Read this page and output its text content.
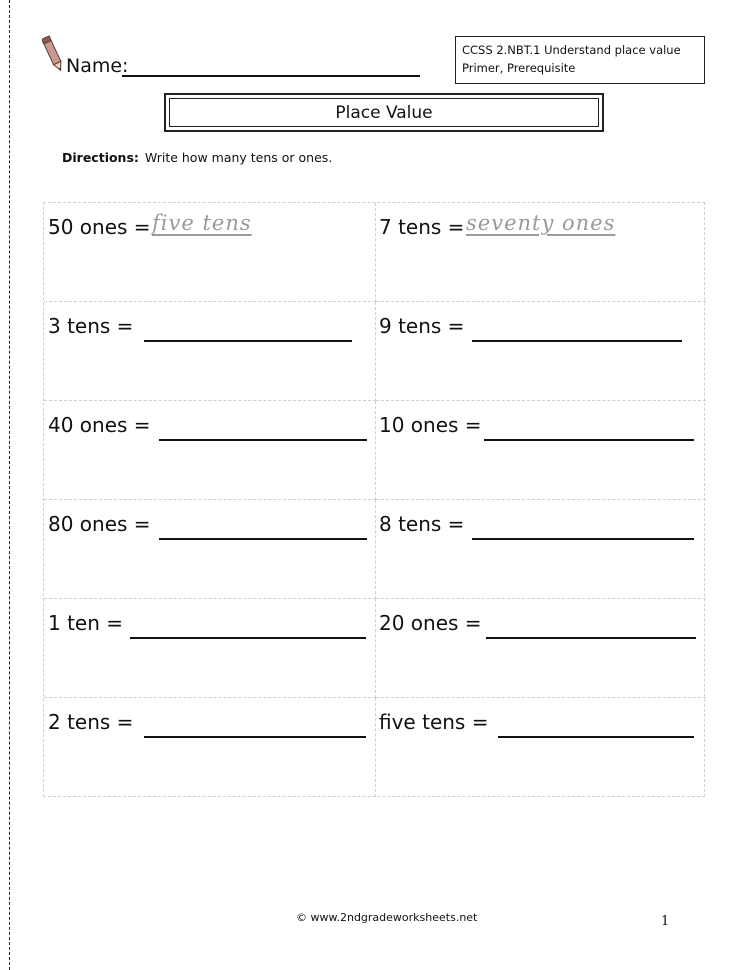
Name:
CCSS 2.NBT.1 Understand place value
Primer, Prerequisite
Place Value
Directions: Write how many tens or ones.
50 ones = five tens	7 tens = seventy ones
3 tens =	9 tens =
40 ones =	10 ones =
80 ones =	8 tens =
1 ten =	20 ones =
2 tens =	five tens =
© www.2ndgradeworksheets.net	1
